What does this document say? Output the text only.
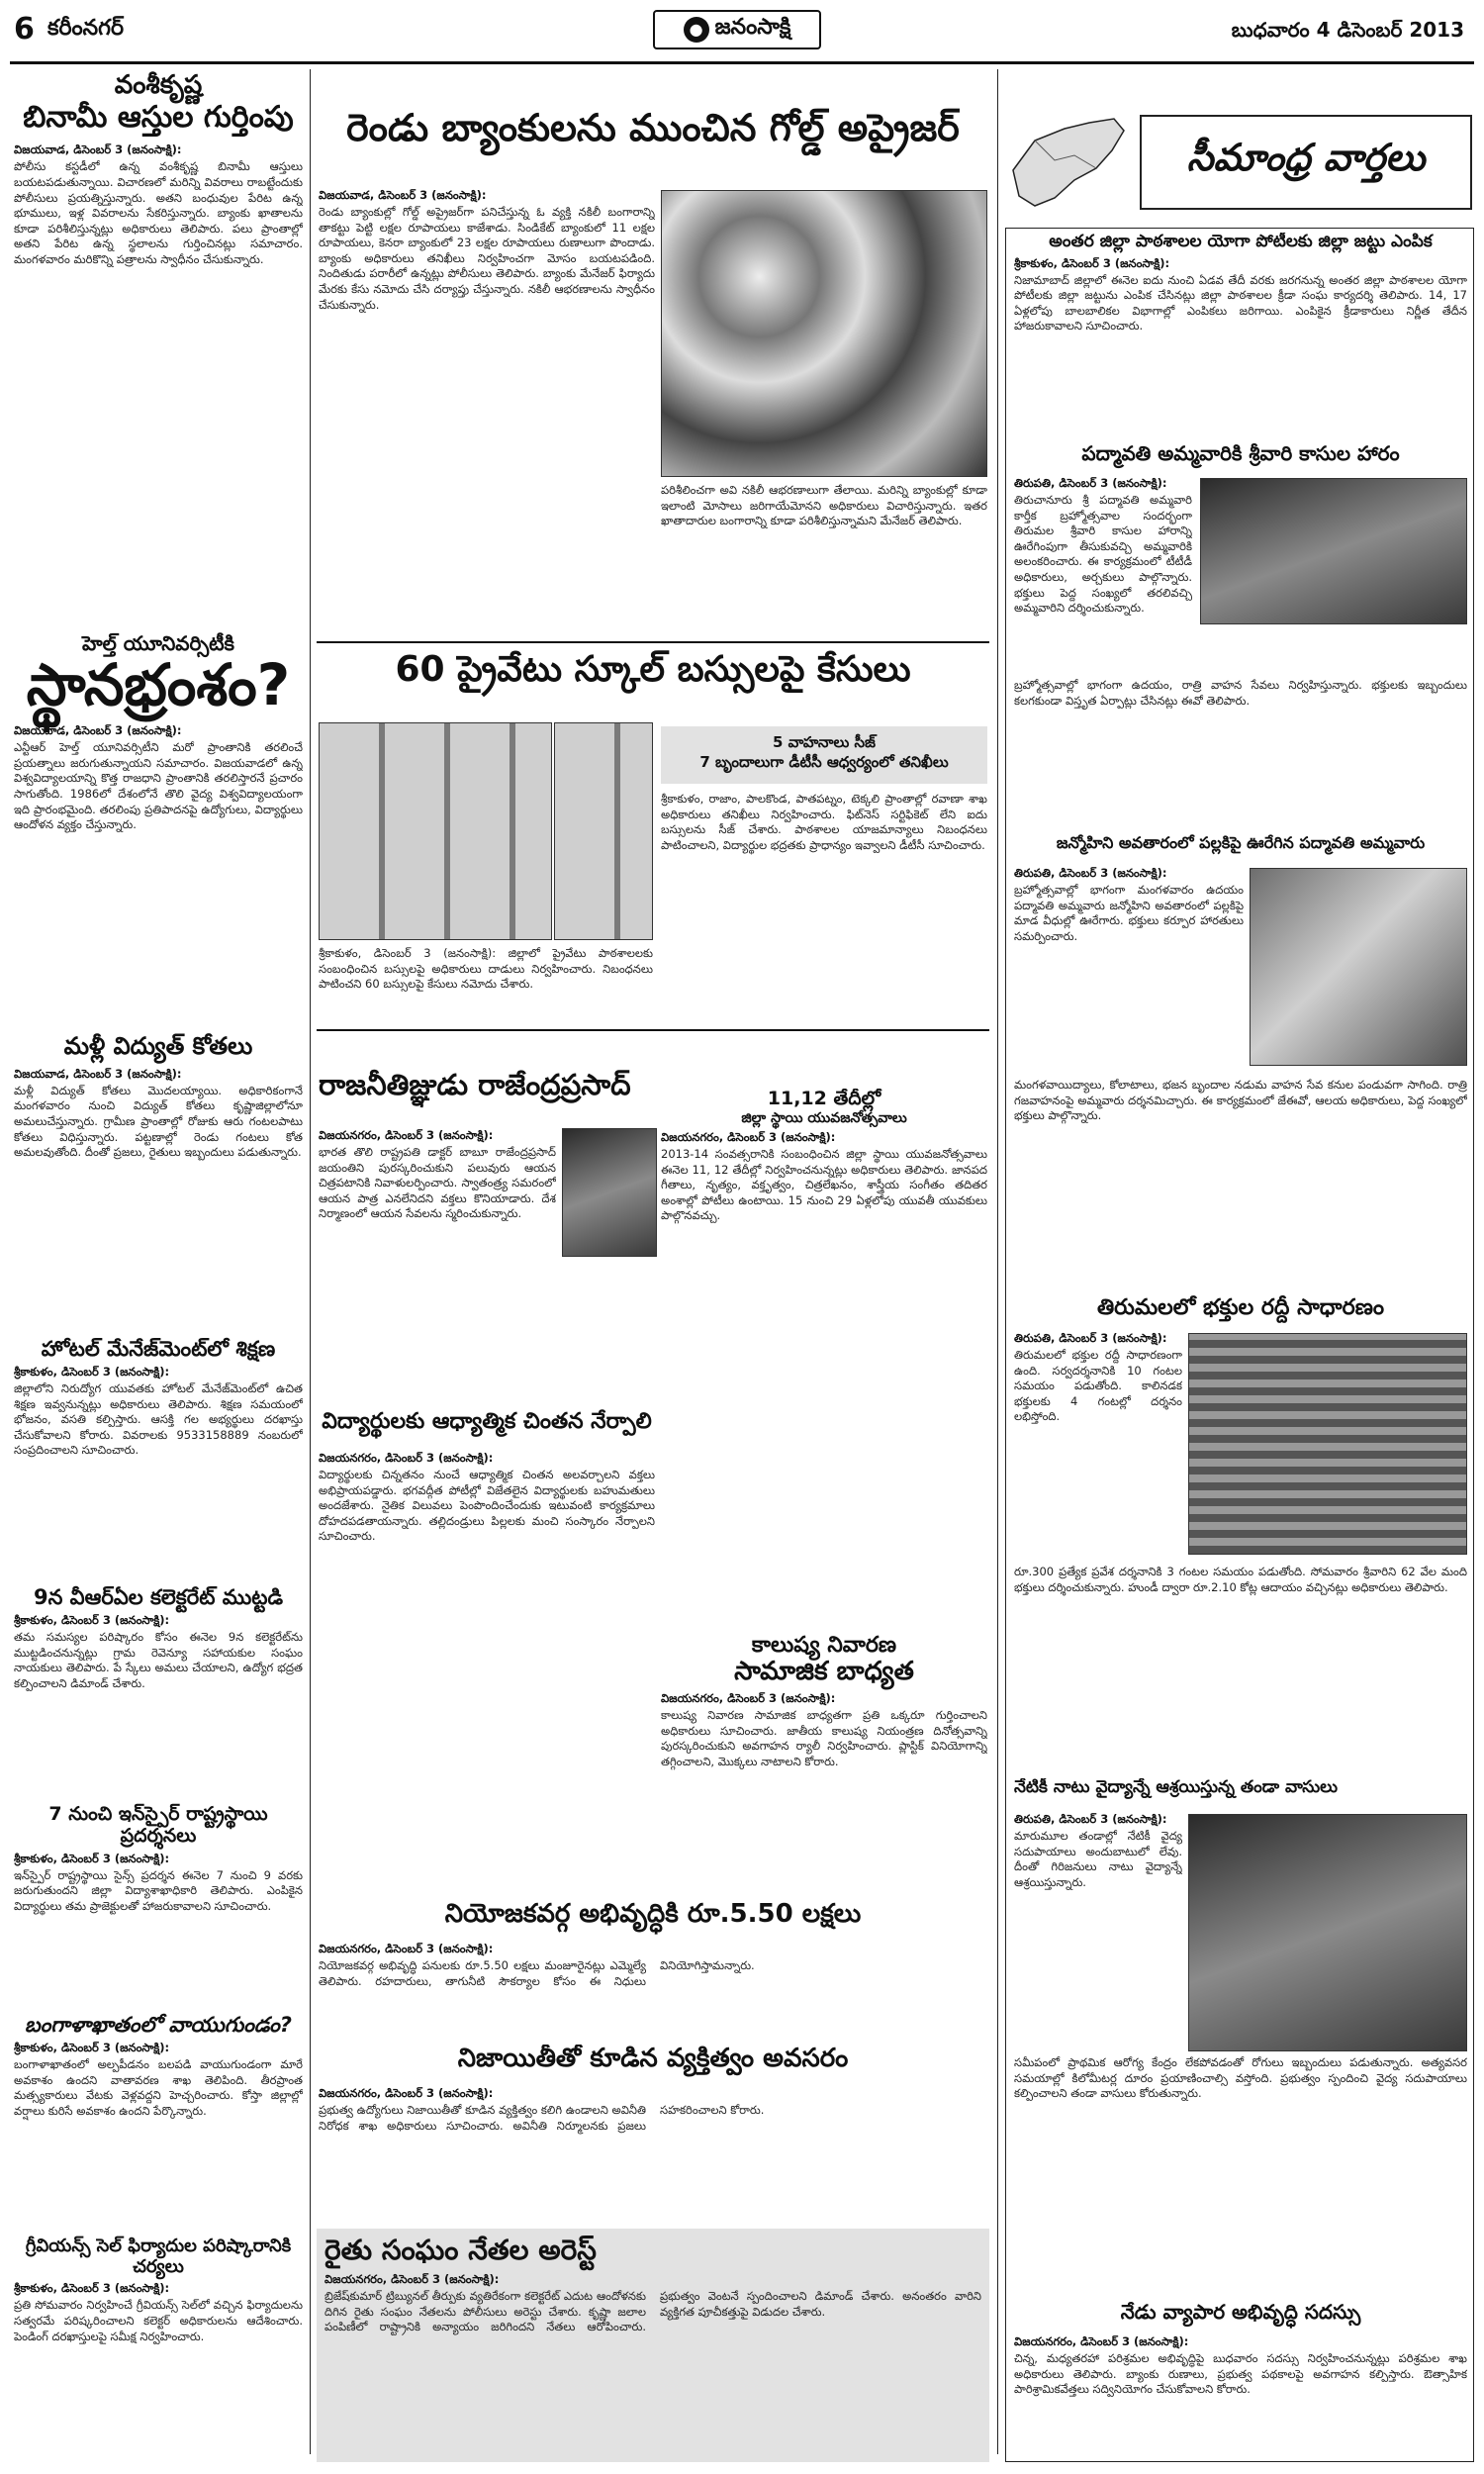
6 కరీంనగర్	● జనంసాక్షి	బుధవారం 4 డిసెంబర్ 2013
వంశీకృష్ణ
బినామీ ఆస్తుల గుర్తింపు
విజయవాడ, డిసెంబర్ 3 (జనంసాక్షి):
పోలీసు కస్టడీలో ఉన్న వంశీకృష్ణ బినామీ ఆస్తులు బయటపడుతున్నాయి. విచారణలో మరిన్ని వివరాలు రాబట్టేందుకు పోలీసులు ప్రయత్నిస్తున్నారు. అతని బంధువుల పేరిట ఉన్న భూములు, ఇళ్ల వివరాలను సేకరిస్తున్నారు. బ్యాంకు ఖాతాలను కూడా పరిశీలిస్తున్నట్లు అధికారులు తెలిపారు. పలు ప్రాంతాల్లో అతని పేరిట ఉన్న స్థలాలను గుర్తించినట్లు సమాచారం. మంగళవారం మరికొన్ని పత్రాలను స్వాధీనం చేసుకున్నారు.
హెల్త్ యూనివర్సిటీకి
స్థానభ్రంశం?
విజయవాడ, డిసెంబర్ 3 (జనంసాక్షి):
ఎన్టీఆర్ హెల్త్ యూనివర్సిటీని మరో ప్రాంతానికి తరలించే ప్రయత్నాలు జరుగుతున్నాయని సమాచారం. విజయవాడలో ఉన్న విశ్వవిద్యాలయాన్ని కొత్త రాజధాని ప్రాంతానికి తరలిస్తారనే ప్రచారం సాగుతోంది. 1986లో దేశంలోనే తొలి వైద్య విశ్వవిద్యాలయంగా ఇది ప్రారంభమైంది. తరలింపు ప్రతిపాదనపై ఉద్యోగులు, విద్యార్థులు ఆందోళన వ్యక్తం చేస్తున్నారు.
మళ్లీ విద్యుత్ కోతలు
విజయవాడ, డిసెంబర్ 3 (జనంసాక్షి):
మళ్లీ విద్యుత్ కోతలు మొదలయ్యాయి. అధికారికంగానే మంగళవారం నుంచి విద్యుత్ కోతలు కృష్ణాజిల్లాలోనూ అమలుచేస్తున్నారు. గ్రామీణ ప్రాంతాల్లో రోజుకు ఆరు గంటలపాటు కోతలు విధిస్తున్నారు. పట్టణాల్లో రెండు గంటలు కోత అమలవుతోంది. దీంతో ప్రజలు, రైతులు ఇబ్బందులు పడుతున్నారు.
హోటల్ మేనేజ్‌మెంట్‌లో శిక్షణ
శ్రీకాకుళం, డిసెంబర్ 3 (జనంసాక్షి):
జిల్లాలోని నిరుద్యోగ యువతకు హోటల్ మేనేజ్‌మెంట్‌లో ఉచిత శిక్షణ ఇవ్వనున్నట్లు అధికారులు తెలిపారు. శిక్షణ సమయంలో భోజనం, వసతి కల్పిస్తారు. ఆసక్తి గల అభ్యర్థులు దరఖాస్తు చేసుకోవాలని కోరారు. వివరాలకు 9533158889 నంబరులో సంప్రదించాలని సూచించారు.
9న వీఆర్ఏల కలెక్టరేట్ ముట్టడి
శ్రీకాకుళం, డిసెంబర్ 3 (జనంసాక్షి):
తమ సమస్యల పరిష్కారం కోసం ఈనెల 9న కలెక్టరేట్‌ను ముట్టడించనున్నట్లు గ్రామ రెవెన్యూ సహాయకుల సంఘం నాయకులు తెలిపారు. పే స్కేలు అమలు చేయాలని, ఉద్యోగ భద్రత కల్పించాలని డిమాండ్ చేశారు.
7 నుంచి ఇన్‌స్పైర్ రాష్ట్రస్థాయి ప్రదర్శనలు
శ్రీకాకుళం, డిసెంబర్ 3 (జనంసాక్షి):
ఇన్‌స్పైర్ రాష్ట్రస్థాయి సైన్స్ ప్రదర్శన ఈనెల 7 నుంచి 9 వరకు జరుగుతుందని జిల్లా విద్యాశాఖాధికారి తెలిపారు. ఎంపికైన విద్యార్థులు తమ ప్రాజెక్టులతో హాజరుకావాలని సూచించారు.
బంగాళాఖాతంలో వాయుగుండం?
శ్రీకాకుళం, డిసెంబర్ 3 (జనంసాక్షి):
బంగాళాఖాతంలో అల్పపీడనం బలపడి వాయుగుండంగా మారే అవకాశం ఉందని వాతావరణ శాఖ తెలిపింది. తీరప్రాంత మత్స్యకారులు వేటకు వెళ్లవద్దని హెచ్చరించారు. కోస్తా జిల్లాల్లో వర్షాలు కురిసే అవకాశం ఉందని పేర్కొన్నారు.
గ్రీవియన్స్ సెల్ ఫిర్యాదుల పరిష్కారానికి చర్యలు
శ్రీకాకుళం, డిసెంబర్ 3 (జనంసాక్షి):
ప్రతి సోమవారం నిర్వహించే గ్రీవియన్స్ సెల్‌లో వచ్చిన ఫిర్యాదులను సత్వరమే పరిష్కరించాలని కలెక్టర్ అధికారులను ఆదేశించారు. పెండింగ్ దరఖాస్తులపై సమీక్ష నిర్వహించారు.
రెండు బ్యాంకులను ముంచిన గోల్డ్ అప్రైజర్
విజయవాడ, డిసెంబర్ 3 (జనంసాక్షి):
రెండు బ్యాంకుల్లో గోల్డ్ అప్రైజర్‌గా పనిచేస్తున్న ఓ వ్యక్తి నకిలీ బంగారాన్ని తాకట్టు పెట్టి లక్షల రూపాయలు కాజేశాడు. సిండికేట్ బ్యాంకులో 11 లక్షల రూపాయలు, కెనరా బ్యాంకులో 23 లక్షల రూపాయలు రుణాలుగా పొందాడు. బ్యాంకు అధికారులు తనిఖీలు నిర్వహించగా మోసం బయటపడింది. నిందితుడు పరారీలో ఉన్నట్లు పోలీసులు తెలిపారు. బ్యాంకు మేనేజర్ ఫిర్యాదు మేరకు కేసు నమోదు చేసి దర్యాప్తు చేస్తున్నారు. నకిలీ ఆభరణాలను స్వాధీనం చేసుకున్నారు.
పరిశీలించగా అవి నకిలీ ఆభరణాలుగా తేలాయి. మరిన్ని బ్యాంకుల్లో కూడా ఇలాంటి మోసాలు జరిగాయేమోనని అధికారులు విచారిస్తున్నారు. ఇతర ఖాతాదారుల బంగారాన్ని కూడా పరిశీలిస్తున్నామని మేనేజర్ తెలిపారు.
60 ప్రైవేటు స్కూల్ బస్సులపై కేసులు
5 వాహనాలు సీజ్
7 బృందాలుగా డీటీసీ ఆధ్వర్యంలో తనిఖీలు
శ్రీకాకుళం, డిసెంబర్ 3 (జనంసాక్షి): జిల్లాలో ప్రైవేటు పాఠశాలలకు సంబంధించిన బస్సులపై అధికారులు దాడులు నిర్వహించారు. నిబంధనలు పాటించని 60 బస్సులపై కేసులు నమోదు చేశారు.
శ్రీకాకుళం, రాజాం, పాలకొండ, పాతపట్నం, టెక్కలి ప్రాంతాల్లో రవాణా శాఖ అధికారులు తనిఖీలు నిర్వహించారు. ఫిట్‌నెస్ సర్టిఫికెట్ లేని ఐదు బస్సులను సీజ్ చేశారు. పాఠశాలల యాజమాన్యాలు నిబంధనలు పాటించాలని, విద్యార్థుల భద్రతకు ప్రాధాన్యం ఇవ్వాలని డీటీసీ సూచించారు.
రాజనీతిజ్ఞుడు రాజేంద్రప్రసాద్
విజయనగరం, డిసెంబర్ 3 (జనంసాక్షి):
భారత తొలి రాష్ట్రపతి డాక్టర్ బాబూ రాజేంద్రప్రసాద్ జయంతిని పురస్కరించుకుని పలువురు ఆయన చిత్రపటానికి నివాళులర్పించారు. స్వాతంత్ర్య సమరంలో ఆయన పాత్ర ఎనలేనిదని వక్తలు కొనియాడారు. దేశ నిర్మాణంలో ఆయన సేవలను స్మరించుకున్నారు.
11,12 తేదీల్లో
జిల్లా స్థాయి యువజనోత్సవాలు
విజయనగరం, డిసెంబర్ 3 (జనంసాక్షి):
2013-14 సంవత్సరానికి సంబంధించిన జిల్లా స్థాయి యువజనోత్సవాలు ఈనెల 11, 12 తేదీల్లో నిర్వహించనున్నట్లు అధికారులు తెలిపారు. జానపద గీతాలు, నృత్యం, వక్తృత్వం, చిత్రలేఖనం, శాస్త్రీయ సంగీతం తదితర అంశాల్లో పోటీలు ఉంటాయి. 15 నుంచి 29 ఏళ్లలోపు యువతీ యువకులు పాల్గొనవచ్చు.
విద్యార్థులకు ఆధ్యాత్మిక చింతన నేర్పాలి
విజయనగరం, డిసెంబర్ 3 (జనంసాక్షి):
విద్యార్థులకు చిన్నతనం నుంచే ఆధ్యాత్మిక చింతన అలవర్చాలని వక్తలు అభిప్రాయపడ్డారు. భగవద్గీత పోటీల్లో విజేతలైన విద్యార్థులకు బహుమతులు అందజేశారు. నైతిక విలువలు పెంపొందించేందుకు ఇటువంటి కార్యక్రమాలు దోహదపడతాయన్నారు. తల్లిదండ్రులు పిల్లలకు మంచి సంస్కారం నేర్పాలని సూచించారు.
కాలుష్య నివారణ
సామాజిక బాధ్యత
విజయనగరం, డిసెంబర్ 3 (జనంసాక్షి):
కాలుష్య నివారణ సామాజిక బాధ్యతగా ప్రతి ఒక్కరూ గుర్తించాలని అధికారులు సూచించారు. జాతీయ కాలుష్య నియంత్రణ దినోత్సవాన్ని పురస్కరించుకుని అవగాహన ర్యాలీ నిర్వహించారు. ప్లాస్టిక్ వినియోగాన్ని తగ్గించాలని, మొక్కలు నాటాలని కోరారు.
నియోజకవర్గ అభివృద్ధికి రూ.5.50 లక్షలు
విజయనగరం, డిసెంబర్ 3 (జనంసాక్షి):
నియోజకవర్గ అభివృద్ధి పనులకు రూ.5.50 లక్షలు మంజూరైనట్లు ఎమ్మెల్యే తెలిపారు. రహదారులు, తాగునీటి సౌకర్యాల కోసం ఈ నిధులు వినియోగిస్తామన్నారు.
నిజాయితీతో కూడిన వ్యక్తిత్వం అవసరం
విజయనగరం, డిసెంబర్ 3 (జనంసాక్షి):
ప్రభుత్వ ఉద్యోగులు నిజాయితీతో కూడిన వ్యక్తిత్వం కలిగి ఉండాలని అవినీతి నిరోధక శాఖ అధికారులు సూచించారు. అవినీతి నిర్మూలనకు ప్రజలు సహకరించాలని కోరారు.
రైతు సంఘం నేతల అరెస్ట్
విజయనగరం, డిసెంబర్ 3 (జనంసాక్షి):
బ్రిజేష్‌కుమార్ ట్రిబ్యునల్ తీర్పుకు వ్యతిరేకంగా కలెక్టరేట్ ఎదుట ఆందోళనకు దిగిన రైతు సంఘం నేతలను పోలీసులు అరెస్టు చేశారు. కృష్ణా జలాల పంపిణీలో రాష్ట్రానికి అన్యాయం జరిగిందని నేతలు ఆరోపించారు. ప్రభుత్వం వెంటనే స్పందించాలని డిమాండ్ చేశారు. అనంతరం వారిని వ్యక్తిగత పూచీకత్తుపై విడుదల చేశారు.
సీమాంధ్ర వార్తలు
అంతర జిల్లా పాఠశాలల యోగా పోటీలకు జిల్లా జట్టు ఎంపిక
శ్రీకాకుళం, డిసెంబర్ 3 (జనంసాక్షి):
నిజామాబాద్ జిల్లాలో ఈనెల ఐదు నుంచి ఏడవ తేదీ వరకు జరగనున్న అంతర జిల్లా పాఠశాలల యోగా పోటీలకు జిల్లా జట్టును ఎంపిక చేసినట్లు జిల్లా పాఠశాలల క్రీడా సంఘ కార్యదర్శి తెలిపారు. 14, 17 ఏళ్లలోపు బాలబాలికల విభాగాల్లో ఎంపికలు జరిగాయి. ఎంపికైన క్రీడాకారులు నిర్ణీత తేదీన హాజరుకావాలని సూచించారు.
పద్మావతి అమ్మవారికి శ్రీవారి కాసుల హారం
తిరుపతి, డిసెంబర్ 3 (జనంసాక్షి):
తిరుచానూరు శ్రీ పద్మావతి అమ్మవారి కార్తీక బ్రహ్మోత్సవాల సందర్భంగా తిరుమల శ్రీవారి కాసుల హారాన్ని ఊరేగింపుగా తీసుకువచ్చి అమ్మవారికి అలంకరించారు. ఈ కార్యక్రమంలో టీటీడీ అధికారులు, అర్చకులు పాల్గొన్నారు. భక్తులు పెద్ద సంఖ్యలో తరలివచ్చి అమ్మవారిని దర్శించుకున్నారు.
బ్రహ్మోత్సవాల్లో భాగంగా ఉదయం, రాత్రి వాహన సేవలు నిర్వహిస్తున్నారు. భక్తులకు ఇబ్బందులు కలగకుండా విస్తృత ఏర్పాట్లు చేసినట్లు ఈవో తెలిపారు.
జన్మోహిని అవతారంలో పల్లకిపై ఊరేగిన పద్మావతి అమ్మవారు
తిరుపతి, డిసెంబర్ 3 (జనంసాక్షి):
బ్రహ్మోత్సవాల్లో భాగంగా మంగళవారం ఉదయం పద్మావతి అమ్మవారు జన్మోహిని అవతారంలో పల్లకిపై మాడ వీధుల్లో ఊరేగారు. భక్తులు కర్పూర హారతులు సమర్పించారు.
మంగళవాయిద్యాలు, కోలాటాలు, భజన బృందాల నడుమ వాహన సేవ కనుల పండువగా సాగింది. రాత్రి గజవాహనంపై అమ్మవారు దర్శనమిచ్చారు. ఈ కార్యక్రమంలో జేఈవో, ఆలయ అధికారులు, పెద్ద సంఖ్యలో భక్తులు పాల్గొన్నారు.
తిరుమలలో భక్తుల రద్దీ సాధారణం
తిరుపతి, డిసెంబర్ 3 (జనంసాక్షి):
తిరుమలలో భక్తుల రద్దీ సాధారణంగా ఉంది. సర్వదర్శనానికి 10 గంటల సమయం పడుతోంది. కాలినడక భక్తులకు 4 గంటల్లో దర్శనం లభిస్తోంది.
రూ.300 ప్రత్యేక ప్రవేశ దర్శనానికి 3 గంటల సమయం పడుతోంది. సోమవారం శ్రీవారిని 62 వేల మంది భక్తులు దర్శించుకున్నారు. హుండీ ద్వారా రూ.2.10 కోట్ల ఆదాయం వచ్చినట్లు అధికారులు తెలిపారు.
నేటికీ నాటు వైద్యాన్నే ఆశ్రయిస్తున్న తండా వాసులు
తిరుపతి, డిసెంబర్ 3 (జనంసాక్షి):
మారుమూల తండాల్లో నేటికీ వైద్య సదుపాయాలు అందుబాటులో లేవు. దీంతో గిరిజనులు నాటు వైద్యాన్నే ఆశ్రయిస్తున్నారు.
సమీపంలో ప్రాథమిక ఆరోగ్య కేంద్రం లేకపోవడంతో రోగులు ఇబ్బందులు పడుతున్నారు. అత్యవసర సమయాల్లో కిలోమీటర్ల దూరం ప్రయాణించాల్సి వస్తోంది. ప్రభుత్వం స్పందించి వైద్య సదుపాయాలు కల్పించాలని తండా వాసులు కోరుతున్నారు.
నేడు వ్యాపార అభివృద్ధి సదస్సు
విజయనగరం, డిసెంబర్ 3 (జనంసాక్షి):
చిన్న, మధ్యతరహా పరిశ్రమల అభివృద్ధిపై బుధవారం సదస్సు నిర్వహించనున్నట్లు పరిశ్రమల శాఖ అధికారులు తెలిపారు. బ్యాంకు రుణాలు, ప్రభుత్వ పథకాలపై అవగాహన కల్పిస్తారు. ఔత్సాహిక పారిశ్రామికవేత్తలు సద్వినియోగం చేసుకోవాలని కోరారు.
